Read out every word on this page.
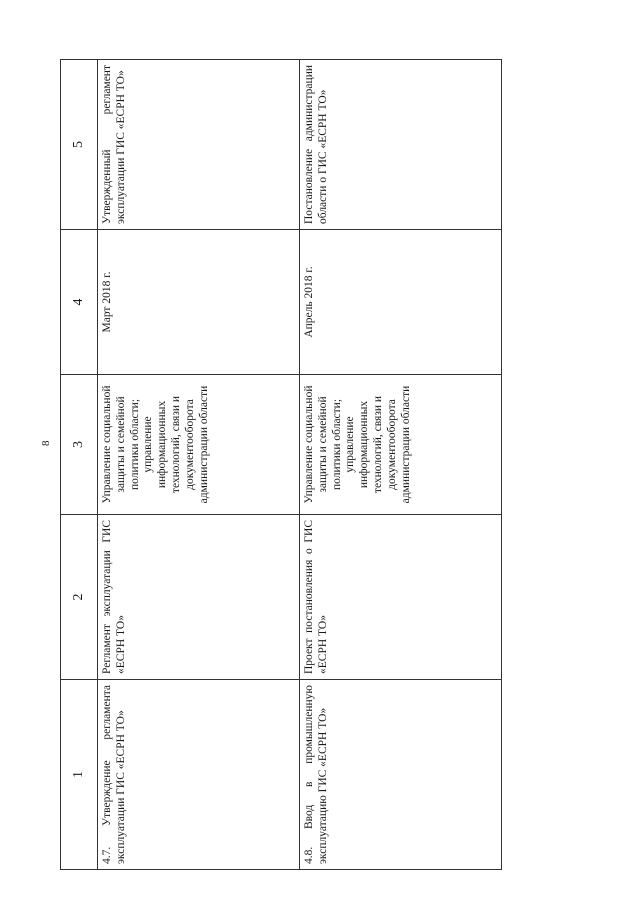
8
1	2	3	4	5
4.7. Утверждение регламента эксплуатации ГИС «ЕСРН ТО»	Регламент эксплуатации ГИС «ЕСРН ТО»	Управление социальной защиты и семейной политики области; управление информационных технологий, связи и документооборота администрации области	Март 2018 г.	Утвержденный регламент эксплуатации ГИС «ЕСРН ТО»
4.8. Ввод в промышленную эксплуатацию ГИС «ЕСРН ТО»	Проект постановления о ГИС «ЕСРН ТО»	Управление социальной защиты и семейной политики области; управление информационных технологий, связи и документооборота администрации области	Апрель 2018 г.	Постановление администрации области о ГИС «ЕСРН ТО»
